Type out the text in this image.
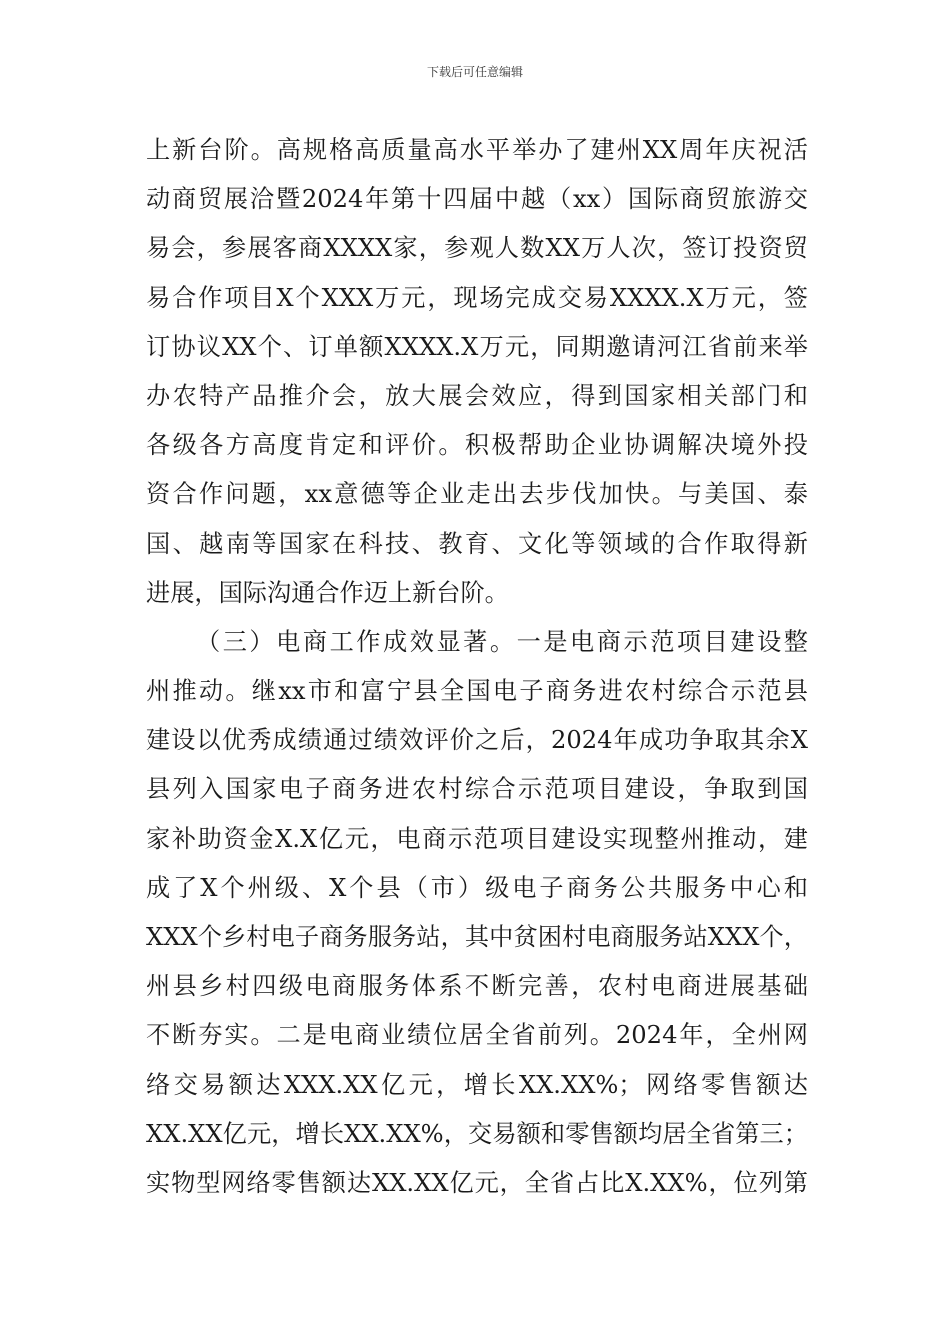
下载后可任意编辑
上新台阶。高规格高质量高水平举办了建州XX周年庆祝活
动商贸展洽暨2024年第十四届中越（xx）国际商贸旅游交
易会，参展客商XXXX家，参观人数XX万人次，签订投资贸
易合作项目X个XXX万元，现场完成交易XXXX.X万元，签
订协议XX个、订单额XXXX.X万元，同期邀请河江省前来举
办农特产品推介会，放大展会效应，得到国家相关部门和
各级各方高度肯定和评价。积极帮助企业协调解决境外投
资合作问题，xx意德等企业走出去步伐加快。与美国、泰
国、越南等国家在科技、教育、文化等领域的合作取得新
进展，国际沟通合作迈上新台阶。
（三）电商工作成效显著。一是电商示范项目建设整
州推动。继xx市和富宁县全国电子商务进农村综合示范县
建设以优秀成绩通过绩效评价之后，2024年成功争取其余X
县列入国家电子商务进农村综合示范项目建设，争取到国
家补助资金X.X亿元，电商示范项目建设实现整州推动，建
成了X个州级、X个县（市）级电子商务公共服务中心和
XXX个乡村电子商务服务站，其中贫困村电商服务站XXX个，
州县乡村四级电商服务体系不断完善，农村电商进展基础
不断夯实。二是电商业绩位居全省前列。2024年，全州网
络交易额达XXX.XX亿元，增长XX.XX%；网络零售额达
XX.XX亿元，增长XX.XX%，交易额和零售额均居全省第三；
实物型网络零售额达XX.XX亿元，全省占比X.XX%，位列第
